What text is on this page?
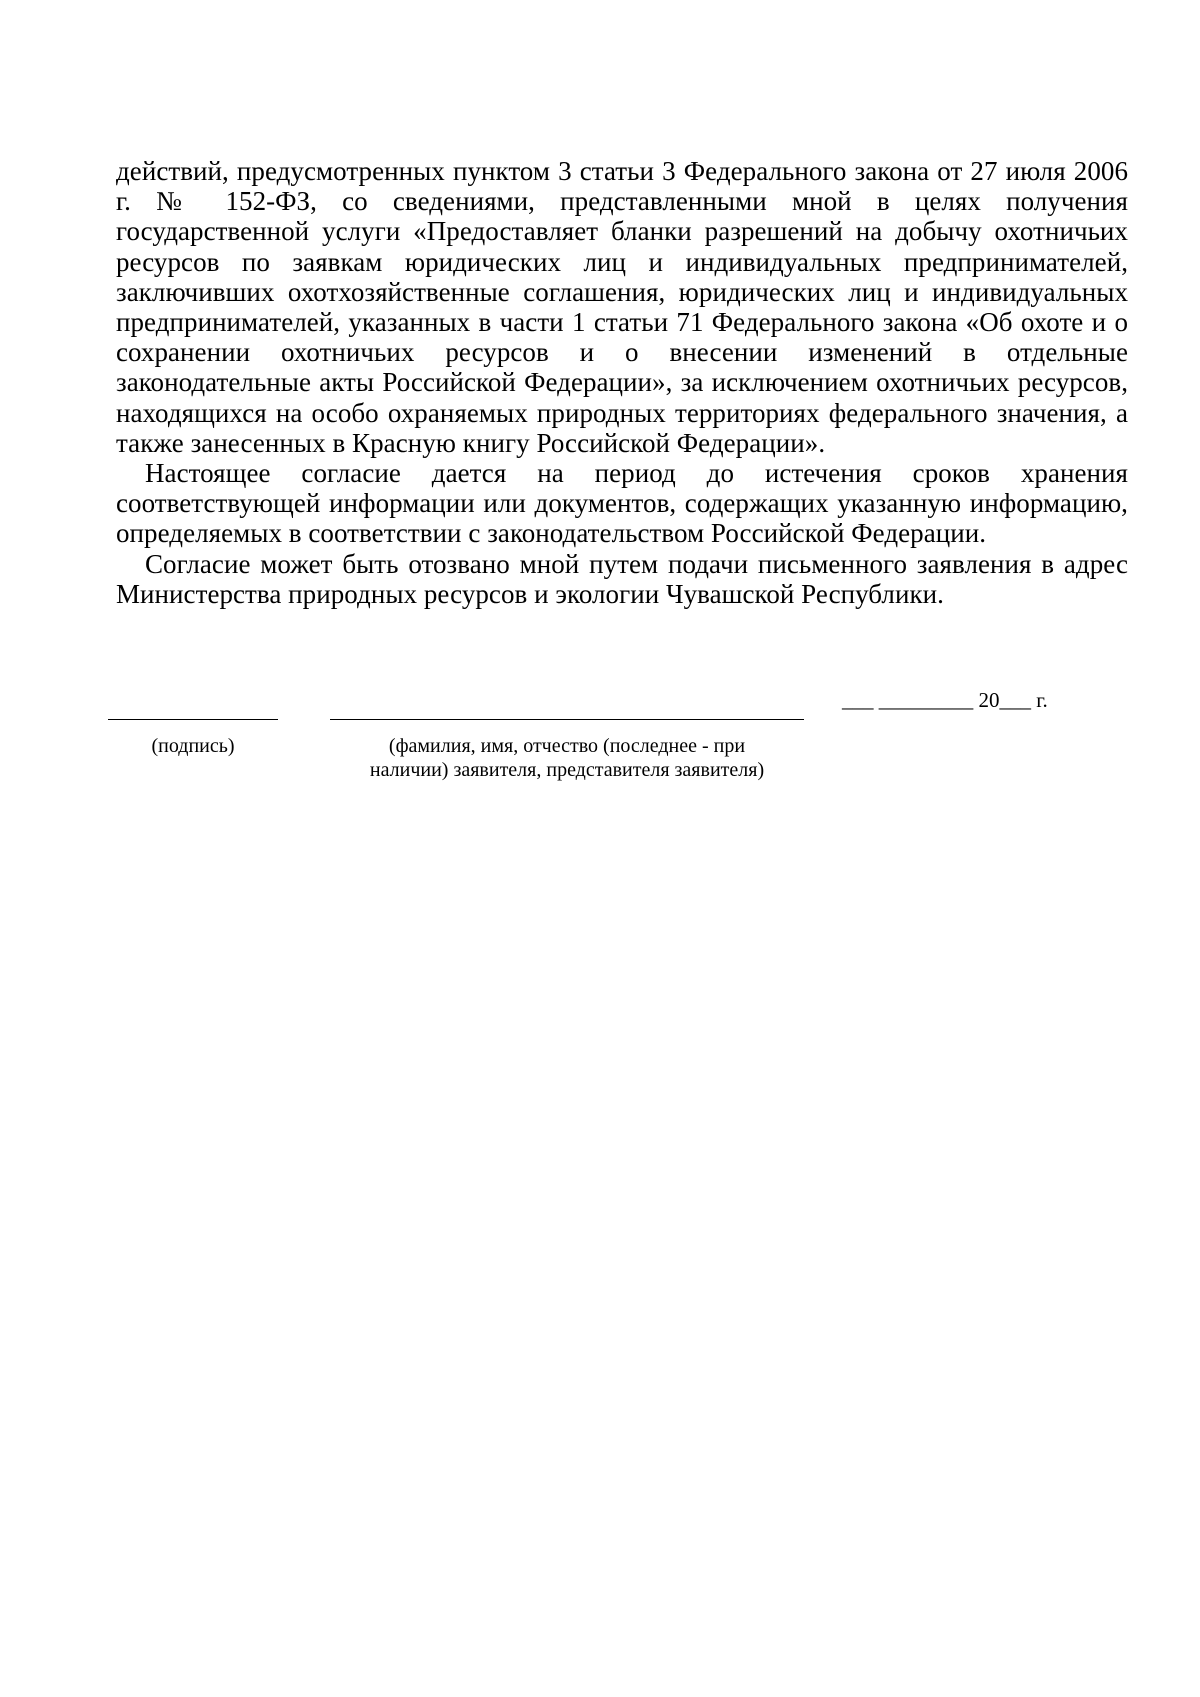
действий, предусмотренных пунктом 3 статьи 3 Федерального закона от 27 июля 2006 г. № 152-ФЗ, со сведениями, представленными мной в целях получения государственной услуги «Предоставляет бланки разрешений на добычу охотничьих ресурсов по заявкам юридических лиц и индивидуальных предпринимателей, заключивших охотхозяйственные соглашения, юридических лиц и индивидуальных предпринимателей, указанных в части 1 статьи 71 Федерального закона «Об охоте и о сохранении охотничьих ресурсов и о внесении изменений в отдельные законодательные акты Российской Федерации», за исключением охотничьих ресурсов, находящихся на особо охраняемых природных территориях федерального значения, а также занесенных в Красную книгу Российской Федерации».

Настоящее согласие дается на период до истечения сроков хранения соответствующей информации или документов, содержащих указанную информацию, определяемых в соответствии с законодательством Российской Федерации.

Согласие может быть отозвано мной путем подачи письменного заявления в адрес Министерства природных ресурсов и экологии Чувашской Республики.

___ _________ 20___ г.
(подпись)	(фамилия, имя, отчество (последнее - при
наличии) заявителя, представителя заявителя)
